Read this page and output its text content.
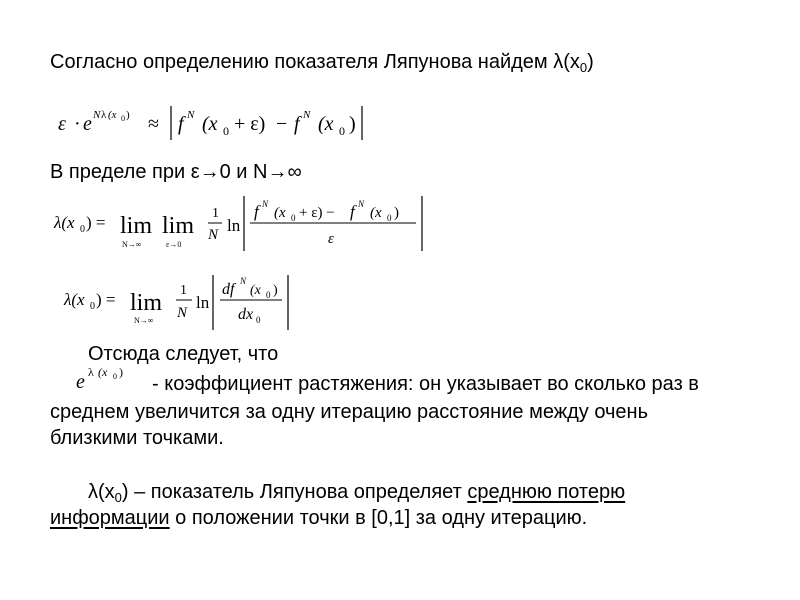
Согласно определению показателя Ляпунова найдем $\lambda(x_0)$
ε · e N λ (x 0 ) ≈ f N (x 0 + ε) − f N (x 0 )
В пределе при ε→0 и N→∞
λ(x 0 ) = lim
N→∞
lim
ε→0
1
N ln
f N
(x 0 + ε) − f N
(x 0 )
ε
λ(x 0 ) = lim
N→∞
1
N
ln
df N
(x 0 )
dx 0
Отсюда следует, что
e λ (x 0 )
- коэффициент растяжения: он указывает во сколько раз в
среднем увеличится за одну итерацию расстояние между очень
близкими точками.
$\lambda(x_0)$ – показатель Ляпунова определяет среднюю потерю
информации о положении точки в [0,1] за одну итерацию.
